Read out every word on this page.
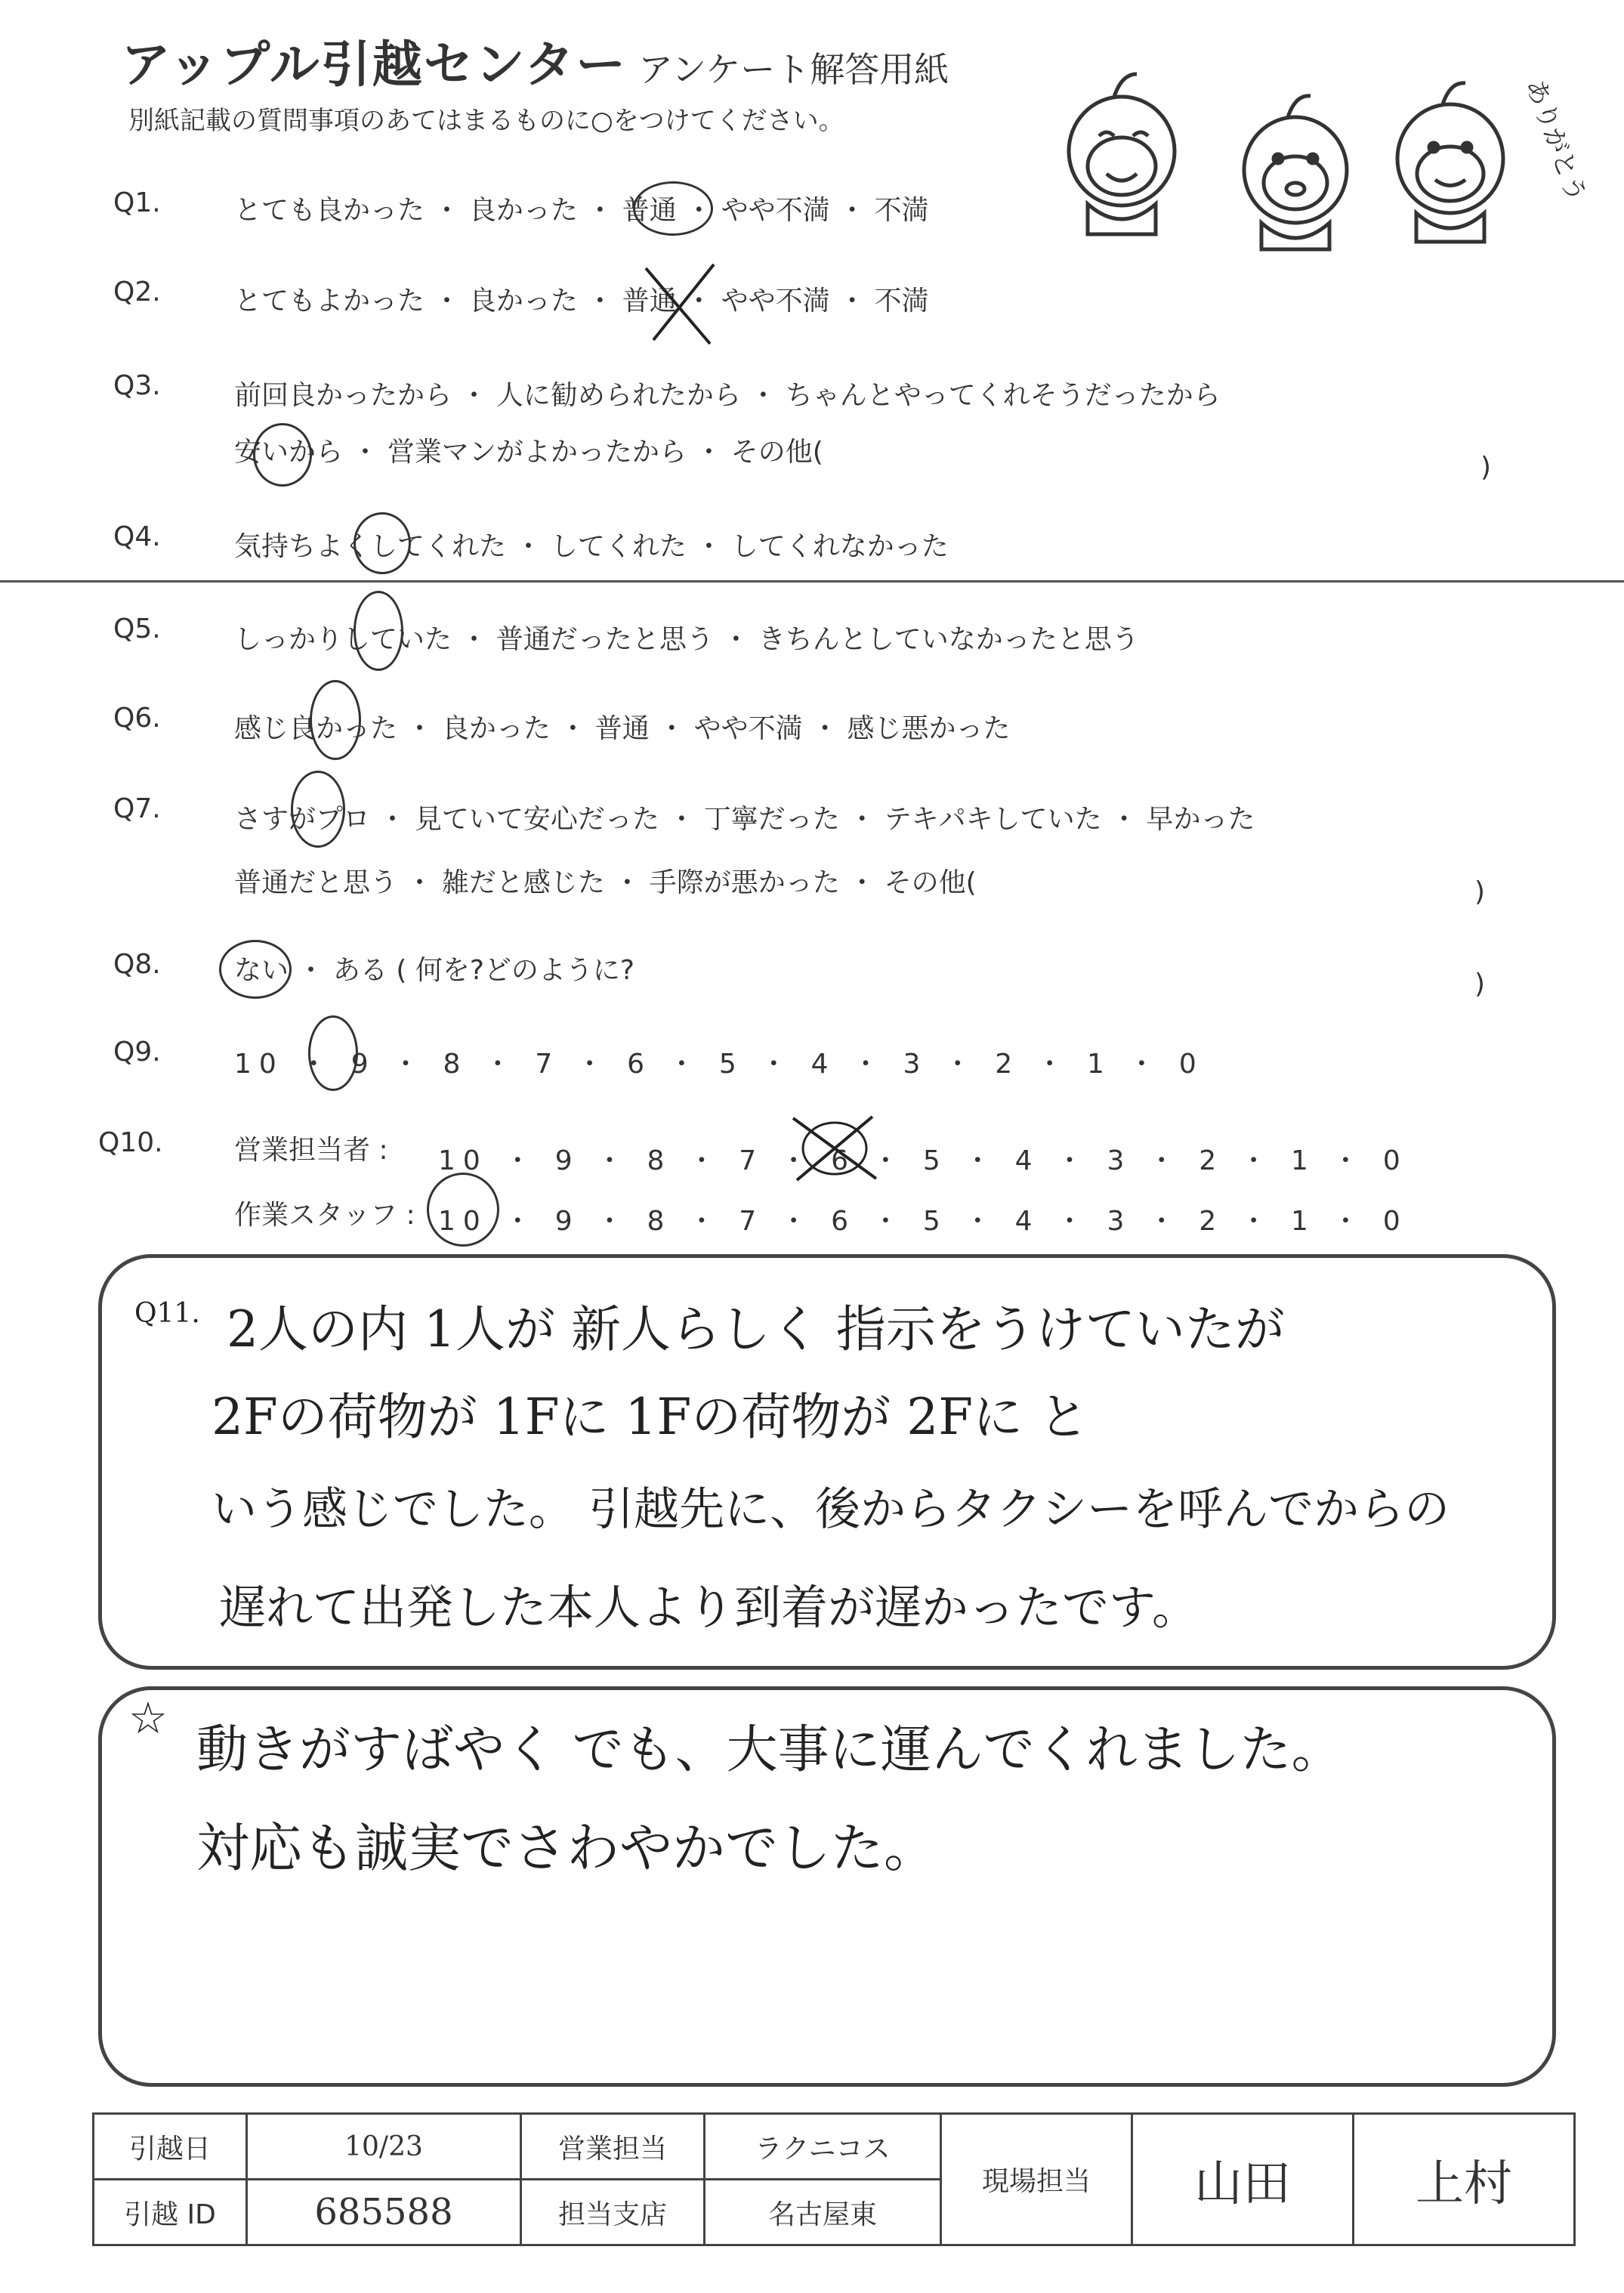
アップル引越センター アンケート解答用紙
別紙記載の質問事項のあてはまるものに○をつけてください。	ありがとう
Q1.	とても良かった ・ 良かった ・ 普通 ・ やや不満 ・ 不満
Q2.	とてもよかった ・ 良かった ・ 普通 ・ やや不満 ・ 不満
Q3.	前回良かったから ・ 人に勧められたから ・ ちゃんとやってくれそうだったから
安いから ・ 営業マンがよかったから ・ その他(	)
Q4.	気持ちよくしてくれた ・ してくれた ・ してくれなかった
Q5.	しっかりしていた ・ 普通だったと思う ・ きちんとしていなかったと思う
Q6.	感じ良かった ・ 良かった ・ 普通 ・ やや不満 ・ 感じ悪かった
Q7.	さすがプロ ・ 見ていて安心だった ・ 丁寧だった ・ テキパキしていた ・ 早かった
普通だと思う ・ 雑だと感じた ・ 手際が悪かった ・ その他(	)
Q8.	ない ・ ある ( 何を?どのように?	)
Q9.	10 ・ 9 ・ 8 ・ 7 ・ 6 ・ 5 ・ 4 ・ 3 ・ 2 ・ 1 ・ 0
Q10.	営業担当者 : 10 ・ 9 ・ 8 ・ 7 ・ 6 ・ 5 ・ 4 ・ 3 ・ 2 ・ 1 ・ 0
作業スタッフ : 10 ・ 9 ・ 8 ・ 7 ・ 6 ・ 5 ・ 4 ・ 3 ・ 2 ・ 1 ・ 0
Q11. 2人の内 1人が 新人らしく 指示をうけていたが
2Fの荷物が 1Fに 1Fの荷物が 2Fに と
いう感じでした。 引越先に、後からタクシーを呼んでからの
遅れて出発した本人より到着が遅かったです。
☆
動きがすばやく でも、大事に運んでくれました。
対応も誠実でさわやかでした。
引越日	10/23	営業担当	ラクニコス	現場担当	山田	上村
引越 ID	685588	担当支店	名古屋東			
